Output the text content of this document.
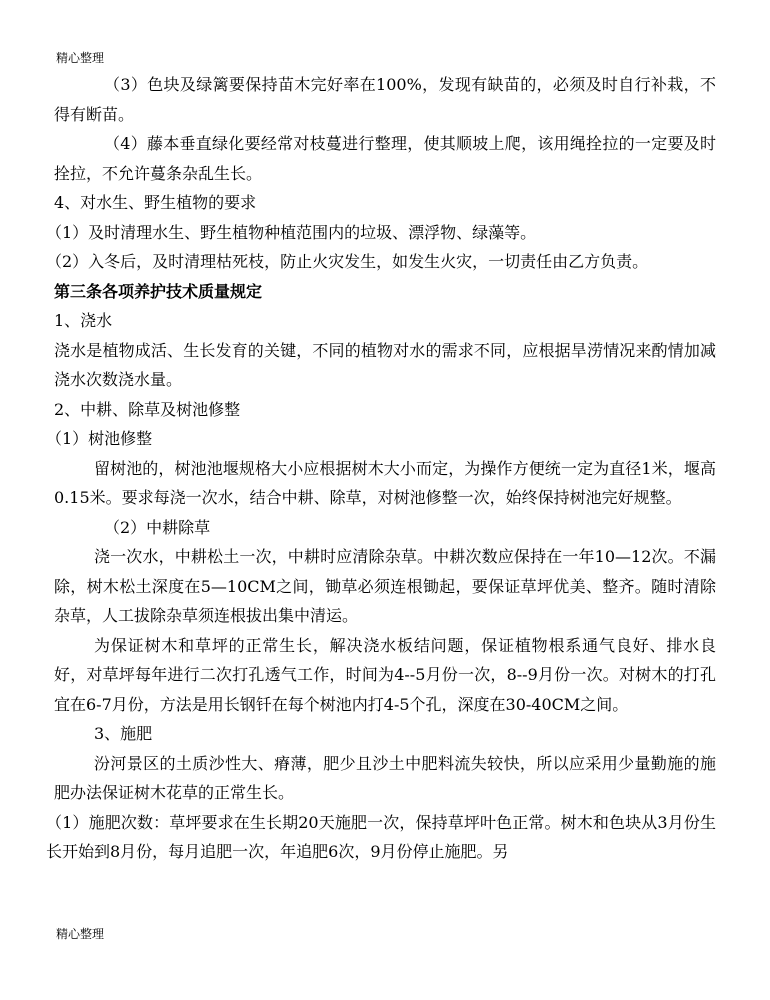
精心整理

（3）色块及绿篱要保持苗木完好率在100%，发现有缺苗的，必须及时自行补栽，不得有断苗。

（4）藤本垂直绿化要经常对枝蔓进行整理，使其顺坡上爬，该用绳拴拉的一定要及时拴拉，不允许蔓条杂乱生长。

4、对水生、野生植物的要求

（1）及时清理水生、野生植物种植范围内的垃圾、漂浮物、绿藻等。

（2）入冬后，及时清理枯死枝，防止火灾发生，如发生火灾，一切责任由乙方负责。

第三条各项养护技术质量规定

1、浇水

浇水是植物成活、生长发育的关键，不同的植物对水的需求不同，应根据旱涝情况来酌情加减浇水次数浇水量。

2、中耕、除草及树池修整

（1）树池修整

留树池的，树池池堰规格大小应根据树木大小而定，为操作方便统一定为直径1米，堰高0.15米。要求每浇一次水，结合中耕、除草，对树池修整一次，始终保持树池完好规整。

（2）中耕除草

浇一次水，中耕松土一次，中耕时应清除杂草。中耕次数应保持在一年10—12次。不漏除，树木松土深度在5—10CM之间，锄草必须连根锄起，要保证草坪优美、整齐。随时清除杂草，人工拔除杂草须连根拔出集中清运。

为保证树木和草坪的正常生长，解决浇水板结问题，保证植物根系通气良好、排水良好，对草坪每年进行二次打孔透气工作，时间为4--5月份一次，8--9月份一次。对树木的打孔宜在6-7月份，方法是用长钢钎在每个树池内打4-5个孔，深度在30-40CM之间。

3、施肥

汾河景区的土质沙性大、瘠薄，肥少且沙土中肥料流失较快，所以应采用少量勤施的施肥办法保证树木花草的正常生长。

（1）施肥次数：草坪要求在生长期20天施肥一次，保持草坪叶色正常。树木和色块从3月份生长开始到8月份，每月追肥一次，年追肥6次，9月份停止施肥。另

精心整理
